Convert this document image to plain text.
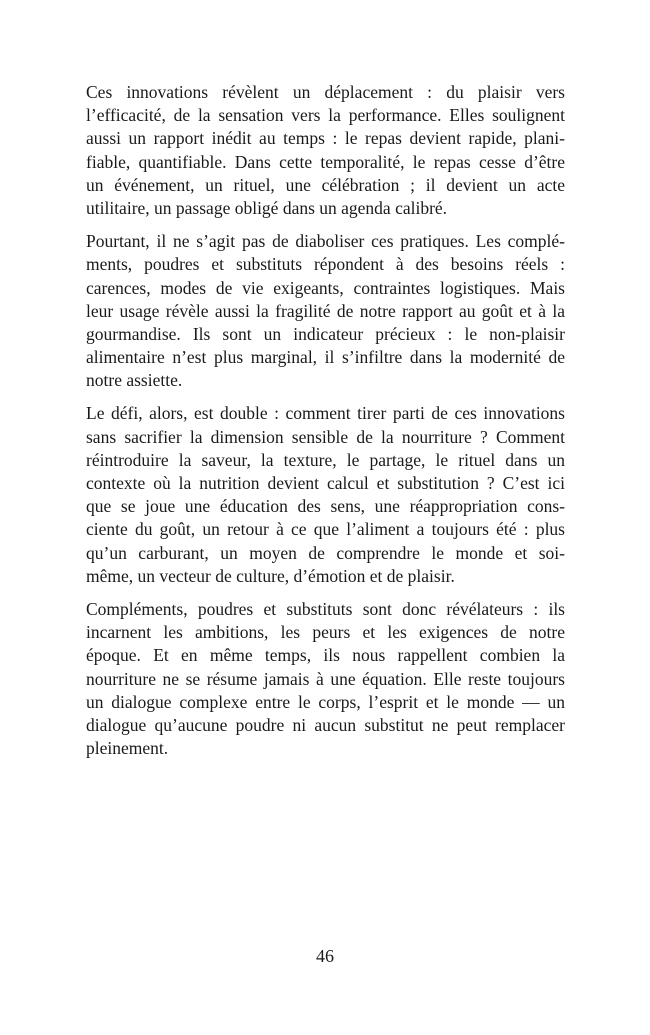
Ces innovations révèlent un déplacement : du plaisir vers
l’efficacité, de la sensation vers la performance. Elles soulignent
aussi un rapport inédit au temps : le repas devient rapide, plani-
fiable, quantifiable. Dans cette temporalité, le repas cesse d’être
un événement, un rituel, une célébration ; il devient un acte
utilitaire, un passage obligé dans un agenda calibré.

Pourtant, il ne s’agit pas de diaboliser ces pratiques. Les complé-
ments, poudres et substituts répondent à des besoins réels :
carences, modes de vie exigeants, contraintes logistiques. Mais
leur usage révèle aussi la fragilité de notre rapport au goût et à la
gourmandise. Ils sont un indicateur précieux : le non-plaisir
alimentaire n’est plus marginal, il s’infiltre dans la modernité de
notre assiette.

Le défi, alors, est double : comment tirer parti de ces innovations
sans sacrifier la dimension sensible de la nourriture ? Comment
réintroduire la saveur, la texture, le partage, le rituel dans un
contexte où la nutrition devient calcul et substitution ? C’est ici
que se joue une éducation des sens, une réappropriation cons-
ciente du goût, un retour à ce que l’aliment a toujours été : plus
qu’un carburant, un moyen de comprendre le monde et soi-
même, un vecteur de culture, d’émotion et de plaisir.

Compléments, poudres et substituts sont donc révélateurs : ils
incarnent les ambitions, les peurs et les exigences de notre
époque. Et en même temps, ils nous rappellent combien la
nourriture ne se résume jamais à une équation. Elle reste toujours
un dialogue complexe entre le corps, l’esprit et le monde — un
dialogue qu’aucune poudre ni aucun substitut ne peut remplacer
pleinement.

46
